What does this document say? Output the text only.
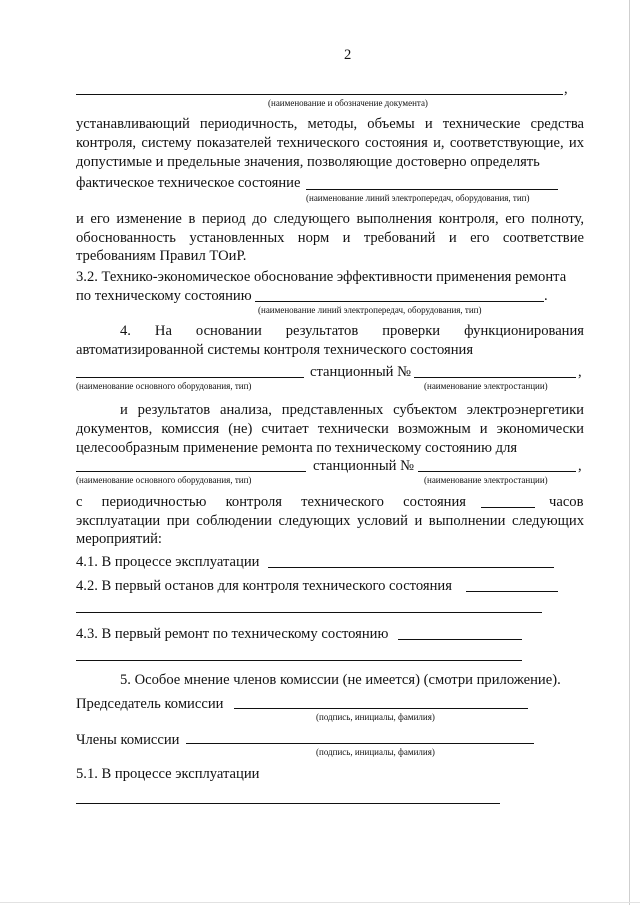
2
,
(наименование и обозначение документа)
устанавливающий периодичность, методы, объемы и технические средства
контроля, систему показателей технического состояния и, соответствующие, их
допустимые и предельные значения, позволяющие достоверно определять
фактическое техническое состояние
(наименование линий электропередач, оборудования, тип)
и его изменение в период до следующего выполнения контроля, его полноту,
обоснованность установленных норм и требований и его соответствие
требованиям Правил ТОиР.
3.2. Технико-экономическое обоснование эффективности применения ремонта
по техническому состоянию	.
(наименование линий электропередач, оборудования, тип)
4. На основании результатов проверки функционирования
автоматизированной системы контроля технического состояния
станционный №	,
(наименование основного оборудования, тип)	(наименование электростанции)
и результатов анализа, представленных субъектом электроэнергетики
документов, комиссия (не) считает технически возможным и экономически
целесообразным применение ремонта по техническому состоянию для
станционный №	,
(наименование основного оборудования, тип)	(наименование электростанции)
с периодичностью контроля технического состояния	часов
эксплуатации при соблюдении следующих условий и выполнении следующих
мероприятий:
4.1. В процессе эксплуатации
4.2. В первый останов для контроля технического состояния
4.3. В первый ремонт по техническому состоянию
5. Особое мнение членов комиссии (не имеется) (смотри приложение).
Председатель комиссии
(подпись, инициалы, фамилия)
Члены комиссии
(подпись, инициалы, фамилия)
5.1. В процессе эксплуатации
